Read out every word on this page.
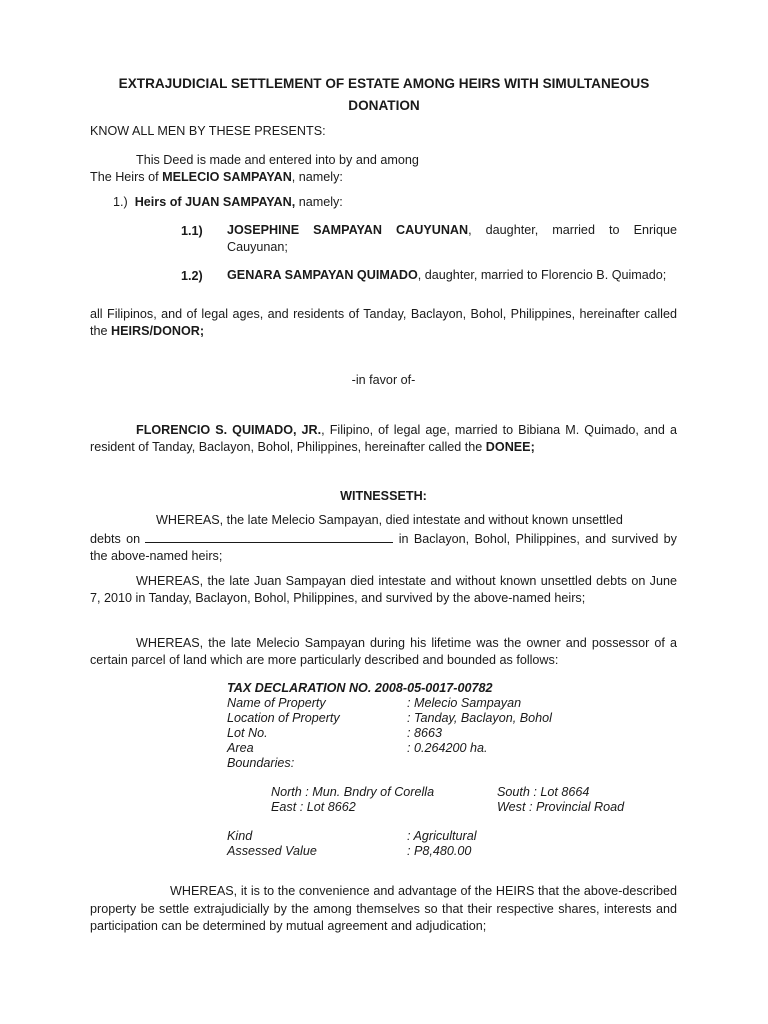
EXTRAJUDICIAL SETTLEMENT OF ESTATE AMONG HEIRS WITH SIMULTANEOUS
DONATION
KNOW ALL MEN BY THESE PRESENTS:
This Deed is made and entered into by and among
The Heirs of MELECIO SAMPAYAN, namely:
1.) Heirs of JUAN SAMPAYAN, namely:
1.1) JOSEPHINE SAMPAYAN CAUYUNAN, daughter, married to Enrique Cauyunan;
1.2) GENARA SAMPAYAN QUIMADO, daughter, married to Florencio B. Quimado;
all Filipinos, and of legal ages, and residents of Tanday, Baclayon, Bohol, Philippines, hereinafter called the HEIRS/DONOR;
-in favor of-
FLORENCIO S. QUIMADO, JR., Filipino, of legal age, married to Bibiana M. Quimado, and a resident of Tanday, Baclayon, Bohol, Philippines, hereinafter called the DONEE;
WITNESSETH:
WHEREAS, the late Melecio Sampayan, died intestate and without known unsettled
debts on	in Baclayon, Bohol, Philippines, and survived by the above-named heirs;
WHEREAS, the late Juan Sampayan died intestate and without known unsettled debts on June 7, 2010 in Tanday, Baclayon, Bohol, Philippines, and survived by the above-named heirs;
WHEREAS, the late Melecio Sampayan during his lifetime was the owner and possessor of a certain parcel of land which are more particularly described and bounded as follows:
TAX DECLARATION NO. 2008-05-0017-00782
Name of Property	: Melecio Sampayan
Location of Property	: Tanday, Baclayon, Bohol
Lot No.	: 8663
Area	: 0.264200 ha.
Boundaries:
North : Mun. Bndry of Corella	South : Lot 8664
East : Lot 8662	West : Provincial Road
Kind	: Agricultural
Assessed Value	: P8,480.00
WHEREAS, it is to the convenience and advantage of the HEIRS that the above-described property be settle extrajudicially by the among themselves so that their respective shares, interests and participation can be determined by mutual agreement and adjudication;
